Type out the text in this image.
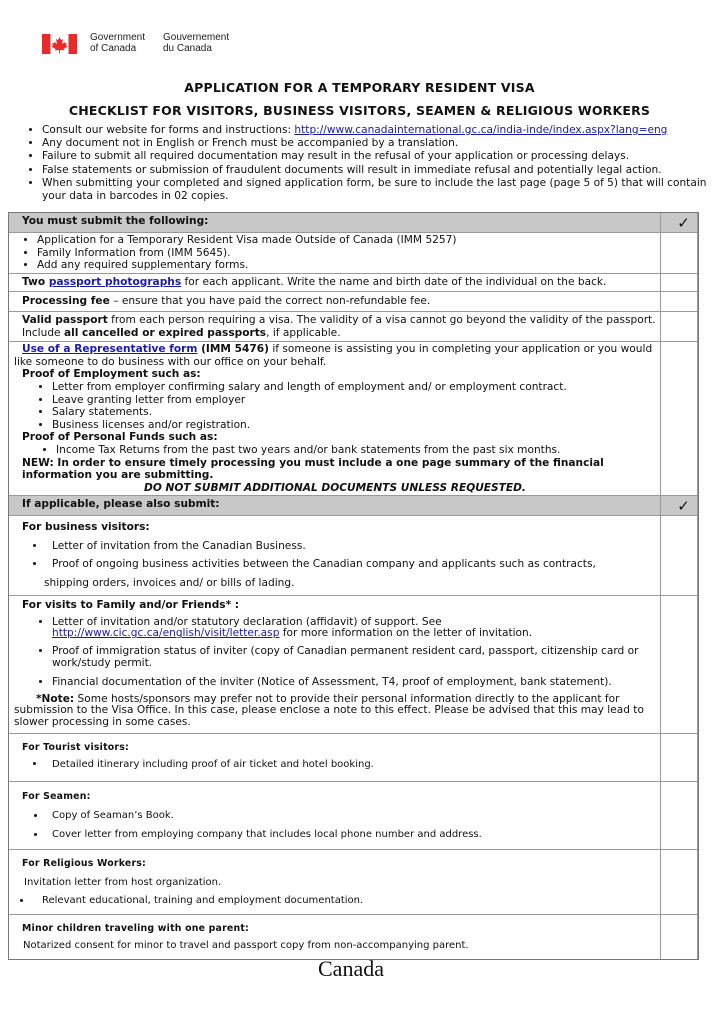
Government
of Canada
Gouvernement
du Canada
APPLICATION FOR A TEMPORARY RESIDENT VISA
CHECKLIST FOR VISITORS, BUSINESS VISITORS, SEAMEN & RELIGIOUS WORKERS
• Consult our website for forms and instructions: http://www.canadainternational.gc.ca/india-inde/index.aspx?lang=eng
• Any document not in English or French must be accompanied by a translation.
• Failure to submit all required documentation may result in the refusal of your application or processing delays.
• False statements or submission of fraudulent documents will result in immediate refusal and potentially legal action.
• When submitting your completed and signed application form, be sure to include the last page (page 5 of 5) that will contain your data in barcodes in 02 copies.
You must submit the following:	✓
• Application for a Temporary Resident Visa made Outside of Canada (IMM 5257)
• Family Information from (IMM 5645).
• Add any required supplementary forms.
Two passport photographs for each applicant. Write the name and birth date of the individual on the back.
Processing fee – ensure that you have paid the correct non-refundable fee.
Valid passport from each person requiring a visa. The validity of a visa cannot go beyond the validity of the passport. Include all cancelled or expired passports, if applicable.
Use of a Representative form (IMM 5476) if someone is assisting you in completing your application or you would like someone to do business with our office on your behalf.
Proof of Employment such as:
• Letter from employer confirming salary and length of employment and/ or employment contract.
• Leave granting letter from employer
• Salary statements.
• Business licenses and/or registration.
Proof of Personal Funds such as:
• Income Tax Returns from the past two years and/or bank statements from the past six months.
NEW: In order to ensure timely processing you must include a one page summary of the financial information you are submitting.
DO NOT SUBMIT ADDITIONAL DOCUMENTS UNLESS REQUESTED.
If applicable, please also submit:	✓
For business visitors:
• Letter of invitation from the Canadian Business.
• Proof of ongoing business activities between the Canadian company and applicants such as contracts,
shipping orders, invoices and/ or bills of lading.
For visits to Family and/or Friends* :
• Letter of invitation and/or statutory declaration (affidavit) of support. See http://www.cic.gc.ca/english/visit/letter.asp for more information on the letter of invitation.
• Proof of immigration status of inviter (copy of Canadian permanent resident card, passport, citizenship card or work/study permit.
• Financial documentation of the inviter (Notice of Assessment, T4, proof of employment, bank statement).
*Note: Some hosts/sponsors may prefer not to provide their personal information directly to the applicant for submission to the Visa Office. In this case, please enclose a note to this effect. Please be advised that this may lead to slower processing in some cases.
For Tourist visitors:
• Detailed itinerary including proof of air ticket and hotel booking.
For Seamen:
• Copy of Seaman’s Book.
• Cover letter from employing company that includes local phone number and address.
For Religious Workers:
Invitation letter from host organization.
• Relevant educational, training and employment documentation.
Minor children traveling with one parent:
Notarized consent for minor to travel and passport copy from non-accompanying parent.
Canada
